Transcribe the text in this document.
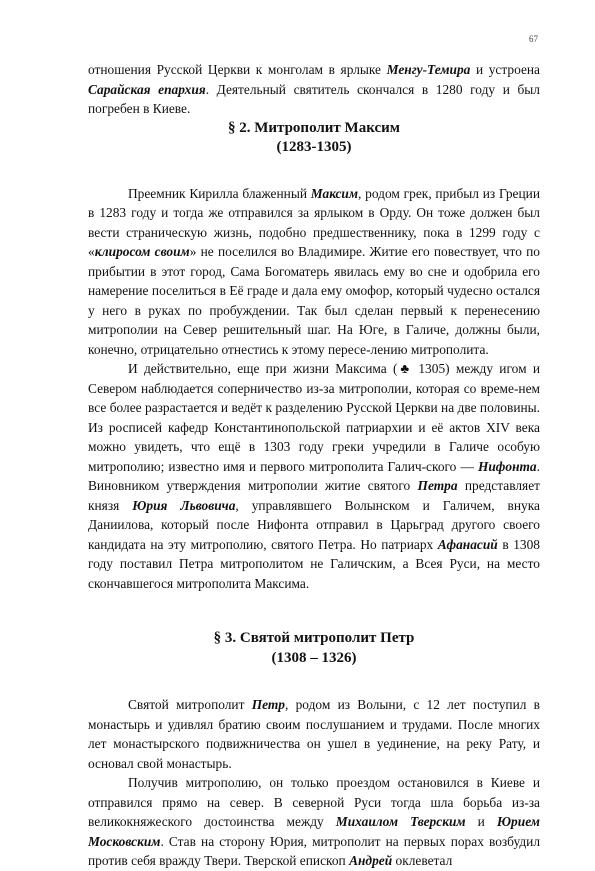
67

отношения Русской Церкви к монголам в ярлыке Менгу-Темира и устроена Сарайская епархия. Деятельный святитель скончался в 1280 году и был погребен в Киеве.

§ 2. Митрополит Максим

(1283-1305)

Преемник Кирилла блаженный Максим, родом грек, прибыл из Греции в 1283 году и тогда же отправился за ярлыком в Орду. Он тоже должен был вести страническую жизнь, подобно предшественнику, пока в 1299 году с «клиросом своим» не поселился во Владимире. Житие его повествует, что по прибытии в этот город, Сама Богоматерь явилась ему во сне и одобрила его намерение поселиться в Её граде и дала ему омофор, который чудесно остался у него в руках по пробуждении. Так был сделан первый к перенесению митрополии на Север решительный шаг. На Юге, в Галиче, должны были, конечно, отрицательно отнестись к этому пересе-лению митрополита.

И действительно, еще при жизни Максима (♣ 1305) между игом и Севером наблюдается соперничество из-за митрополии, которая со време-нем все более разрастается и ведёт к разделению Русской Церкви на две половины. Из росписей кафедр Константинопольской патриархии и её актов XIV века можно увидеть, что ещё в 1303 году греки учредили в Галиче особую митрополию; известно имя и первого митрополита Галич-ского — Нифонта. Виновником утверждения митрополии житие святого Петра представляет князя Юрия Львовича, управлявшего Волынском и Галичем, внука Даниилова, который после Нифонта отправил в Царьград другого своего кандидата на эту митрополию, святого Петра. Но патриарх Афанасий в 1308 году поставил Петра митрополитом не Галичским, а Всея Руси, на место скончавшегося митрополита Максима.

§ 3. Святой митрополит Петр

(1308 – 1326)

Святой митрополит Петр, родом из Волыни, с 12 лет поступил в монастырь и удивлял братию своим послушанием и трудами. После многих лет монастырского подвижничества он ушел в уединение, на реку Рату, и основал свой монастырь.

Получив митрополию, он только проездом остановился в Киеве и отправился прямо на север. В северной Руси тогда шла борьба из-за великокняжеского достоинства между Михаилом Тверским и Юрием Московским. Став на сторону Юрия, митрополит на первых порах возбудил против себя вражду Твери. Тверской епископ Андрей оклеветал
